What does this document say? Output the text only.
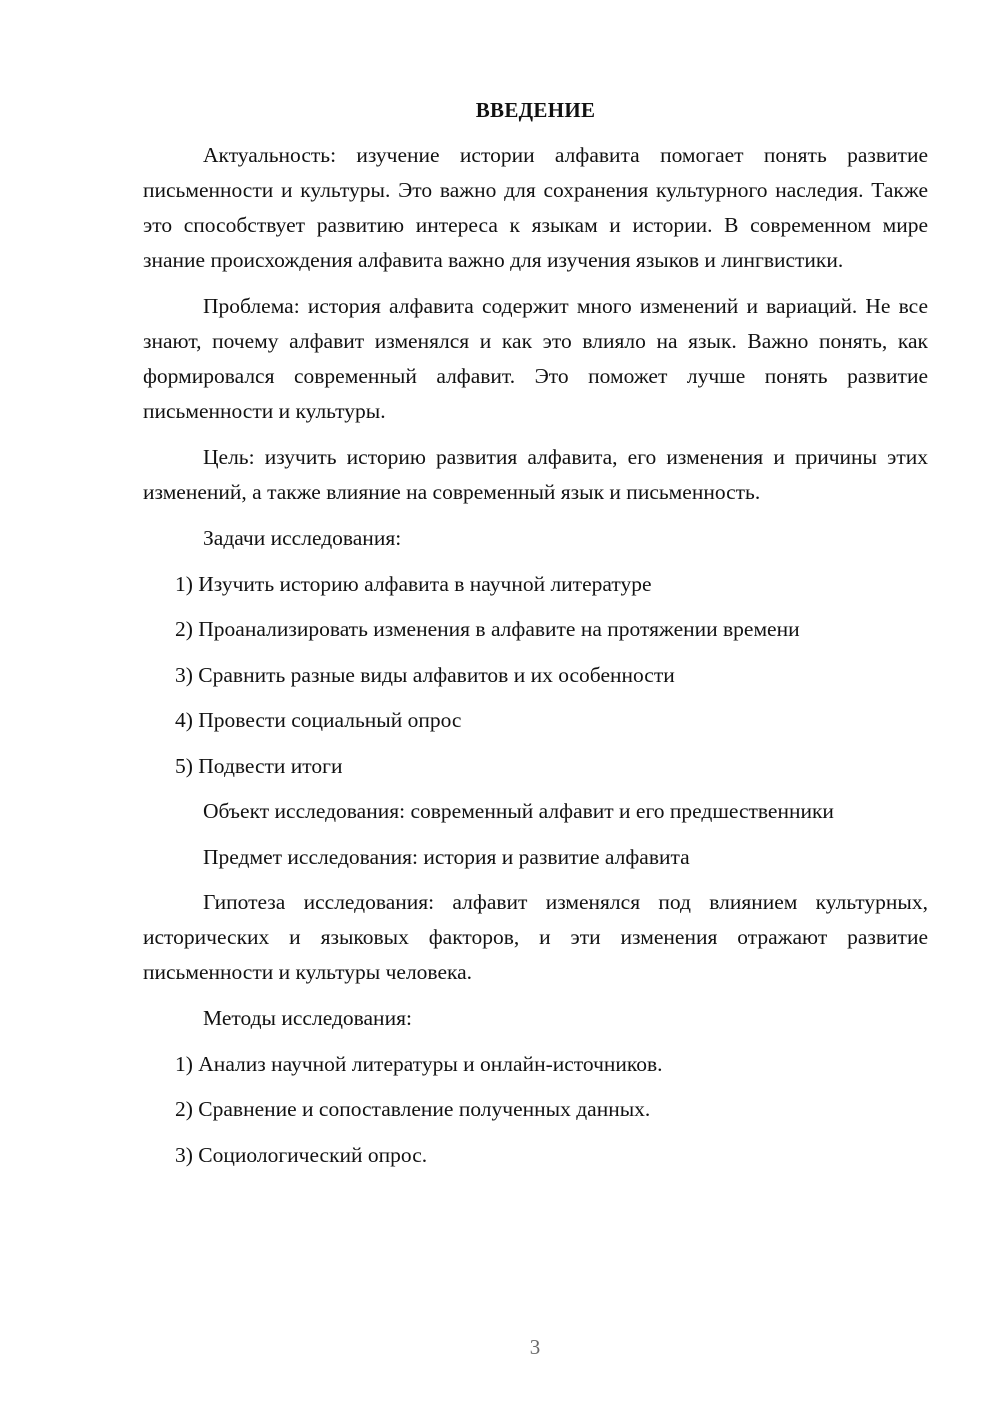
ВВЕДЕНИЕ

Актуальность: изучение истории алфавита помогает понять развитие письменности и культуры. Это важно для сохранения культурного наследия. Также это способствует развитию интереса к языкам и истории. В современном мире знание происхождения алфавита важно для изучения языков и лингвистики.

Проблема: история алфавита содержит много изменений и вариаций. Не все знают, почему алфавит изменялся и как это влияло на язык. Важно понять, как формировался современный алфавит. Это поможет лучше понять развитие письменности и культуры.

Цель: изучить историю развития алфавита, его изменения и причины этих изменений, а также влияние на современный язык и письменность.

Задачи исследования:
1) Изучить историю алфавита в научной литературе
2) Проанализировать изменения в алфавите на протяжении времени
3) Сравнить разные виды алфавитов и их особенности
4) Провести социальный опрос
5) Подвести итоги
Объект исследования: современный алфавит и его предшественники
Предмет исследования: история и развитие алфавита

Гипотеза исследования: алфавит изменялся под влиянием культурных, исторических и языковых факторов, и эти изменения отражают развитие письменности и культуры человека.

Методы исследования:
1) Анализ научной литературы и онлайн-источников.
2) Сравнение и сопоставление полученных данных.
3) Социологический опрос.
3
